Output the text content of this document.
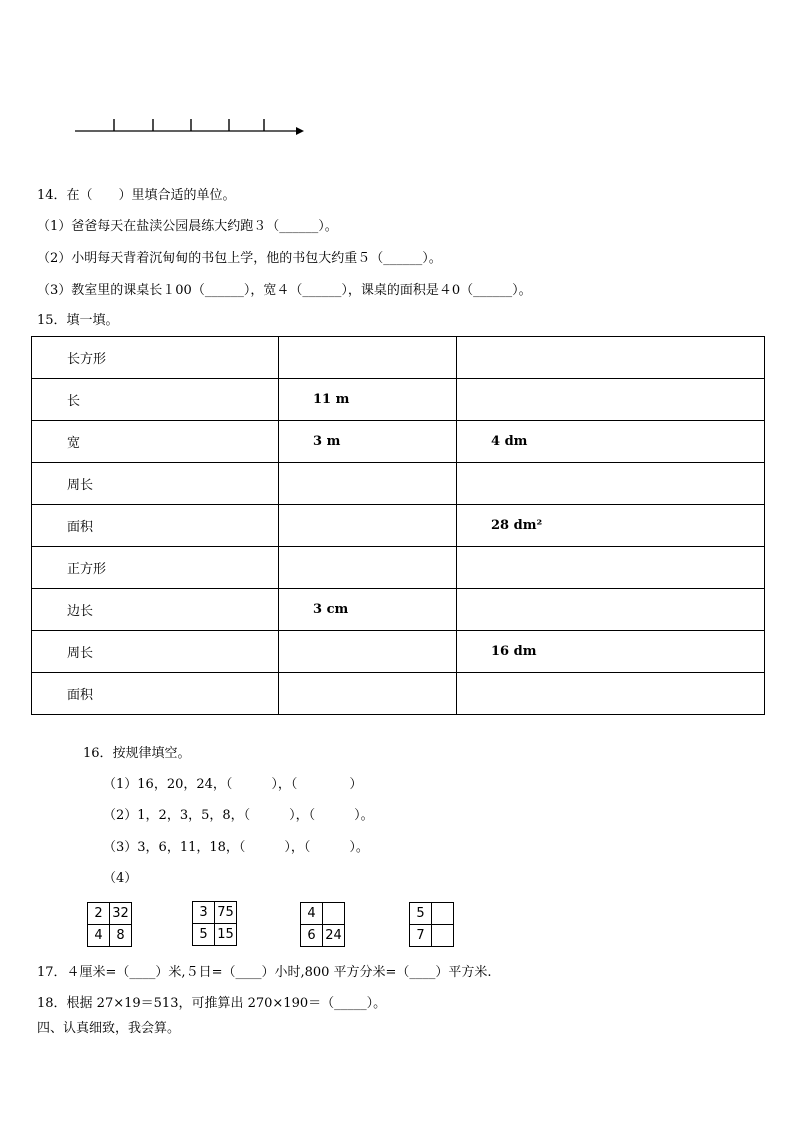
14．在（　　）里填合适的单位。
（1）爸爸每天在盐渎公园晨练大约跑３（______）。
（2）小明每天背着沉甸甸的书包上学，他的书包大约重５（______）。
（3）教室里的课桌长１00（______），宽４（______），课桌的面积是４0（______）。
15．填一填。
长方形		
长	11 m	
宽	3 m	4 dm
周长		
面积		28 dm²
正方形		
边长	3 cm	
周长		16 dm
面积		
16．按规律填空。
（1）16，20，24，（　　　），（　　　　）
（2）1，2，3，5，8，（　　　），（　　　）。
（3）3，6，11，18，（　　　），（　　　）。
（4）
2	32
4	8
3	75
5	15
4	
6	24
5	
7	
17．４厘米=（____）米,５日=（____）小时,800 平方分米=（____）平方米.
18．根据 27×19＝513，可推算出 270×190＝（_____）。
四、认真细致，我会算。
